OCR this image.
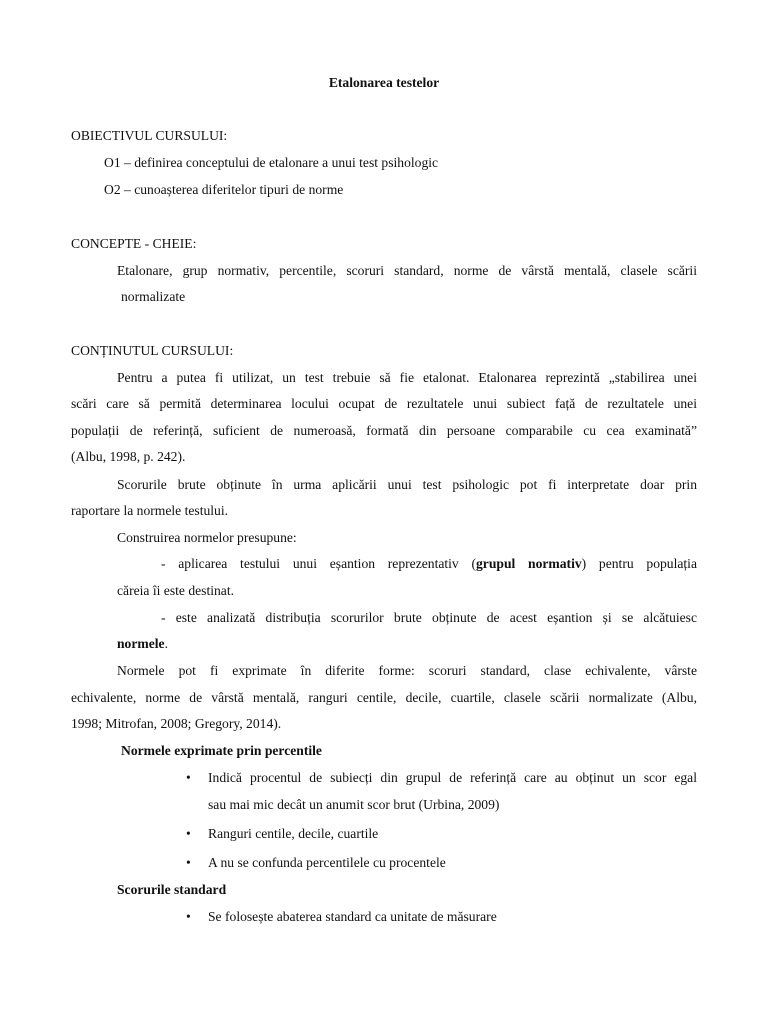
Etalonarea testelor
OBIECTIVUL CURSULUI:
O1 – definirea conceptului de etalonare a unui test psihologic
O2 – cunoașterea diferitelor tipuri de norme
CONCEPTE - CHEIE:
Etalonare, grup normativ, percentile, scoruri standard, norme de vârstă mentală, clasele scării
normalizate
CONȚINUTUL CURSULUI:
Pentru a putea fi utilizat, un test trebuie să fie etalonat. Etalonarea reprezintă „stabilirea unei
scări care să permită determinarea locului ocupat de rezultatele unui subiect față de rezultatele unei
populații de referință, suficient de numeroasă, formată din persoane comparabile cu cea examinată”
(Albu, 1998, p. 242).
Scorurile brute obținute în urma aplicării unui test psihologic pot fi interpretate doar prin
raportare la normele testului.
Construirea normelor presupune:
- aplicarea testului unui eșantion reprezentativ (grupul normativ) pentru populația
căreia îi este destinat.
- este analizată distribuția scorurilor brute obținute de acest eșantion și se alcătuiesc
normele.
Normele pot fi exprimate în diferite forme: scoruri standard, clase echivalente, vârste
echivalente, norme de vârstă mentală, ranguri centile, decile, cuartile, clasele scării normalizate (Albu,
1998; Mitrofan, 2008; Gregory, 2014).
Normele exprimate prin percentile
• Indică procentul de subiecți din grupul de referință care au obținut un scor egal
sau mai mic decât un anumit scor brut (Urbina, 2009)
• Ranguri centile, decile, cuartile
• A nu se confunda percentilele cu procentele
Scorurile standard
• Se folosește abaterea standard ca unitate de măsurare
